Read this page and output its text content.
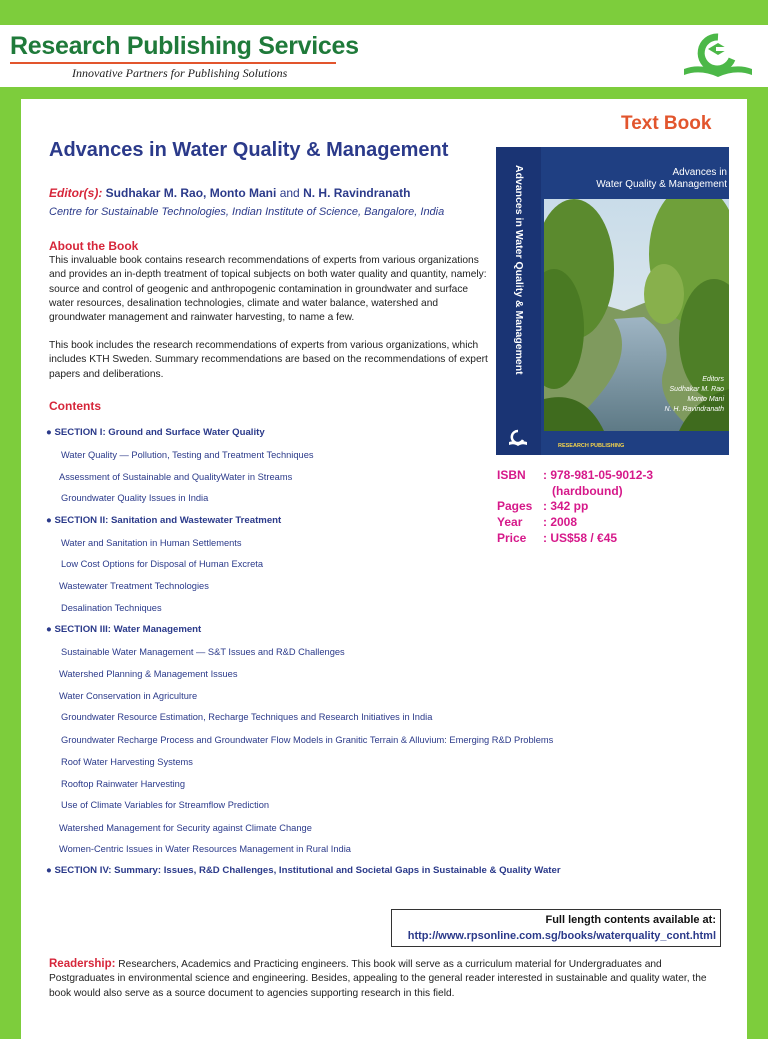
Research Publishing Services
Innovative Partners for Publishing Solutions
Text Book
Advances in Water Quality & Management
Editor(s): Sudhakar M. Rao, Monto Mani and N. H. Ravindranath
Centre for Sustainable Technologies, Indian Institute of Science, Bangalore, India
About the Book
This invaluable book contains research recommendations of experts from various organizations and provides an in-depth treatment of topical subjects on both water quality and quantity, namely: source and control of geogenic and anthropogenic contamination in groundwater and surface water resources, desalination technologies, climate and water balance, watershed and groundwater management and rainwater harvesting, to name a few.
This book includes the research recommendations of experts from various organizations, which includes KTH Sweden. Summary recommendations are based on the recommendations of expert papers and deliberations.
Contents
● SECTION I: Ground and Surface Water Quality
Water Quality — Pollution, Testing and Treatment Techniques
Assessment of Sustainable and QualityWater in Streams
Groundwater Quality Issues in India
● SECTION II: Sanitation and Wastewater Treatment
Water and Sanitation in Human Settlements
Low Cost Options for Disposal of Human Excreta
Wastewater Treatment Technologies
Desalination Techniques
● SECTION III: Water Management
Sustainable Water Management — S&T Issues and R&D Challenges
Watershed Planning & Management Issues
Water Conservation in Agriculture
Groundwater Resource Estimation, Recharge Techniques and Research Initiatives in India
Groundwater Recharge Process and Groundwater Flow Models in Granitic Terrain & Alluvium: Emerging R&D Problems
Roof Water Harvesting Systems
Rooftop Rainwater Harvesting
Use of Climate Variables for Streamflow Prediction
Watershed Management for Security against Climate Change
Women-Centric Issues in Water Resources Management in Rural India
● SECTION IV: Summary: Issues, R&D Challenges, Institutional and Societal Gaps in Sustainable & Quality Water
Advances in Water Quality & Management	Advances in
Water Quality & Management
Editors
Sudhakar M. Rao
Monto Mani
N. H. Ravindranath
RESEARCH PUBLISHING
ISBN : 978-981-05-9012-3
(hardbound)
Pages : 342 pp
Year : 2008
Price : US$58 / €45
Full length contents available at:
http://www.rpsonline.com.sg/books/waterquality_cont.html
Readership: Researchers, Academics and Practicing engineers. This book will serve as a curriculum material for Undergraduates and Postgraduates in environmental science and engineering. Besides, appealing to the general reader interested in sustainable and quality water, the book would also serve as a source document to agencies supporting research in this field.
